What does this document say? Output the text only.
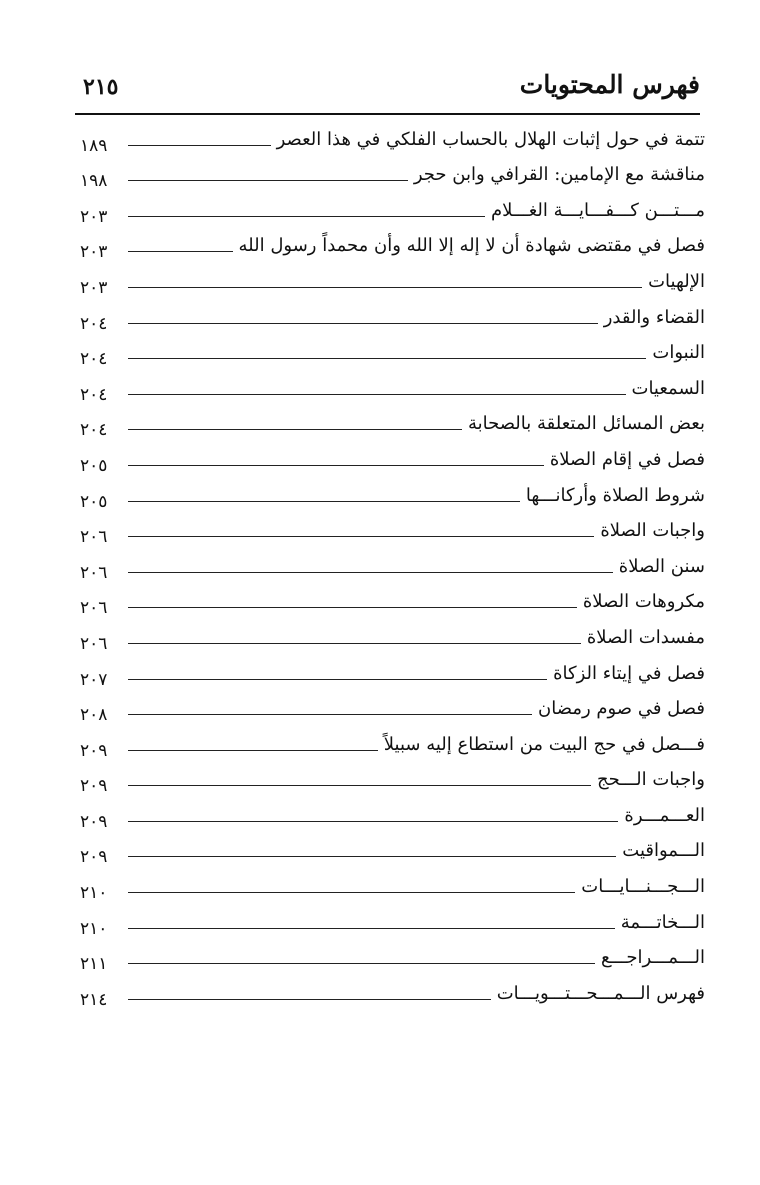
فهرس المحتويات
٢١٥
تتمة في حول إثبات الهلال بالحساب الفلكي في هذا العصر
١٨٩
مناقشة مع الإمامين: القرافي وابن حجر
١٩٨
مـــتـــن كـــفـــايـــة الغـــلام
٢٠٣
فصل في مقتضى شهادة أن لا إله إلا الله وأن محمداً رسول الله
٢٠٣
الإلهيات
٢٠٣
القضاء والقدر
٢٠٤
النبوات
٢٠٤
السمعيات
٢٠٤
بعض المسائل المتعلقة بالصحابة
٢٠٤
فصل في إقام الصلاة
٢٠٥
شروط الصلاة وأركانـــها
٢٠٥
واجبات الصلاة
٢٠٦
سنن الصلاة
٢٠٦
مكروهات الصلاة
٢٠٦
مفسدات الصلاة
٢٠٦
فصل في إيتاء الزكاة
٢٠٧
فصل في صوم رمضان
٢٠٨
فـــصل في حج البيت من استطاع إليه سبيلاً
٢٠٩
واجبات الـــحج
٢٠٩
العـــمـــرة
٢٠٩
الـــمواقيت
٢٠٩
الـــجـــنـــايـــات
٢١٠
الـــخاتـــمة
٢١٠
الـــمـــراجـــع
٢١١
فهرس الـــمـــحـــتـــويـــات
٢١٤
